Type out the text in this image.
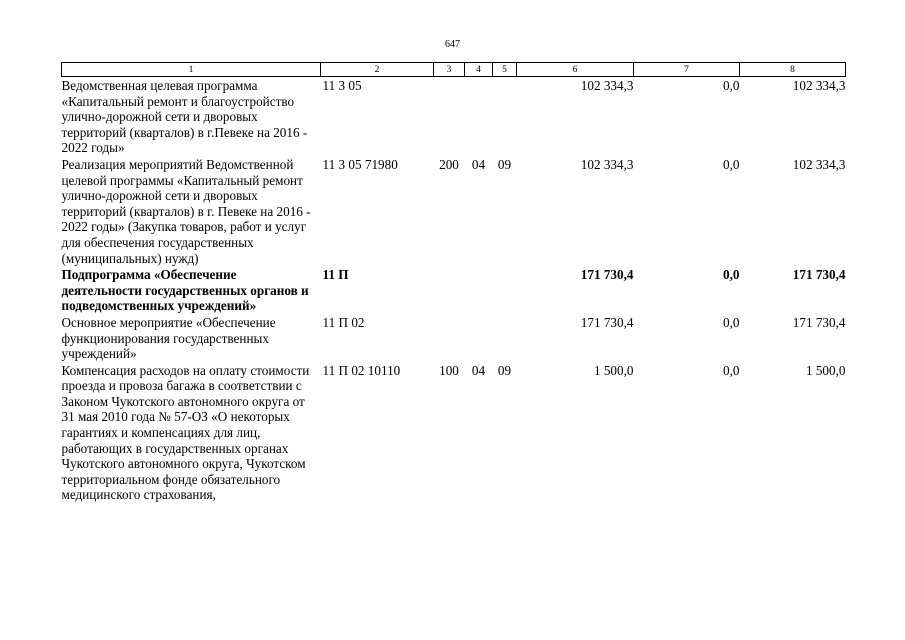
647
1	2	3	4	5	6	7	8
Ведомственная целевая программа «Капитальный ремонт и благоустройство улично-дорожной сети и дворовых территорий (кварталов) в г.Певеке на 2016 - 2022 годы»	11 3 05				102 334,3	0,0	102 334,3
Реализация мероприятий Ведомственной целевой программы «Капитальный ремонт улично-дорожной сети и дворовых территорий (кварталов) в г. Певеке на 2016 - 2022 годы» (Закупка товаров, работ и услуг для обеспечения государственных (муниципальных) нужд)	11 3 05 71980	200	04	09	102 334,3	0,0	102 334,3
Подпрограмма «Обеспечение деятельности государственных органов и подведомственных учреждений»	11 П				171 730,4	0,0	171 730,4
Основное мероприятие «Обеспечение функционирования государственных учреждений»	11 П 02				171 730,4	0,0	171 730,4
Компенсация расходов на оплату стоимости проезда и провоза багажа в соответствии с Законом Чукотского автономного округа от 31 мая 2010 года № 57-ОЗ «О некоторых гарантиях и компенсациях для лиц, работающих в государственных органах Чукотского автономного округа, Чукотском территориальном фонде обязательного медицинского страхования,	11 П 02 10110	100	04	09	1 500,0	0,0	1 500,0
